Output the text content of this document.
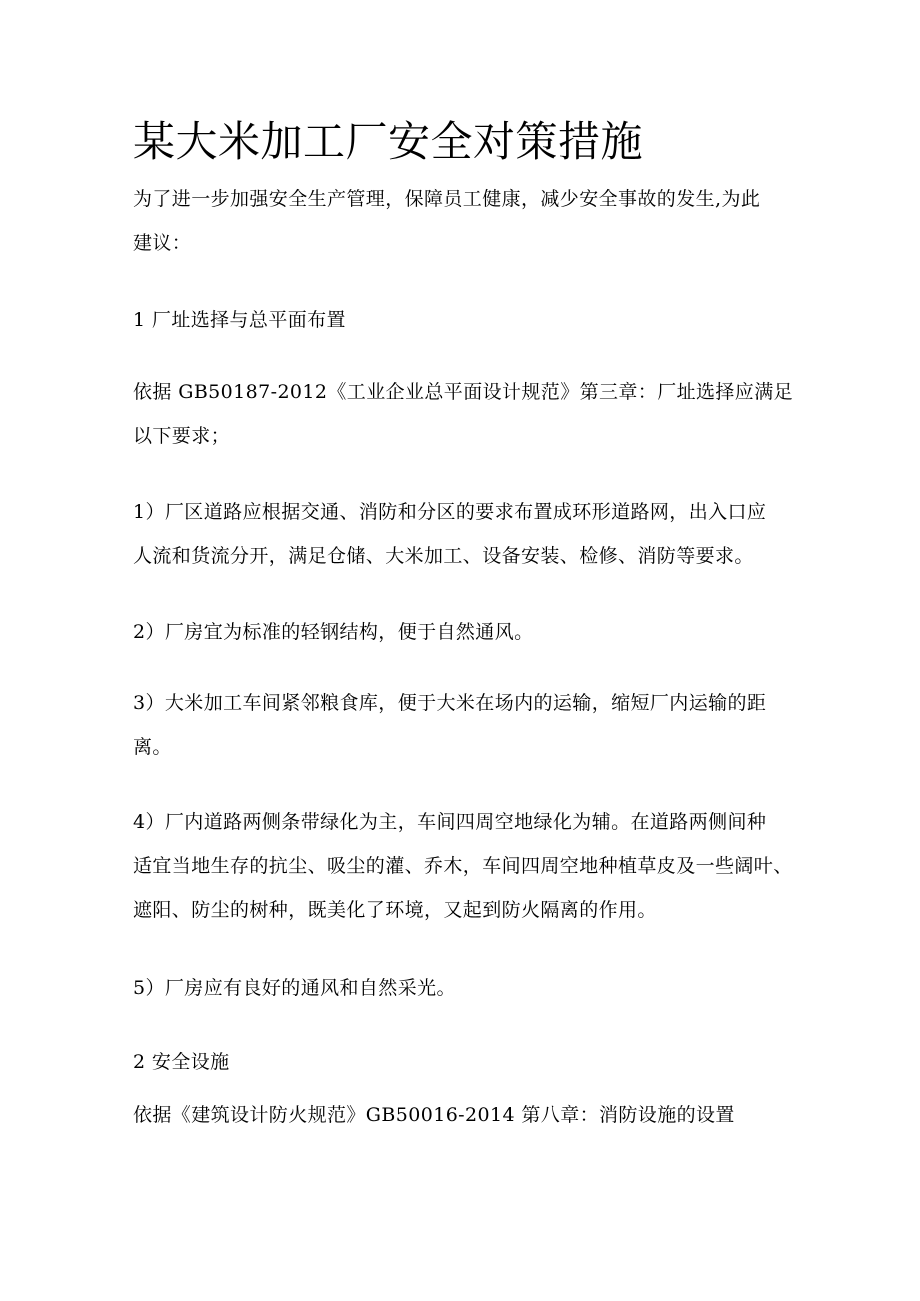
某大米加工厂安全对策措施

为了进一步加强安全生产管理，保障员工健康，减少安全事故的发生,为此
建议：

1 厂址选择与总平面布置

依据 GB50187-2012《工业企业总平面设计规范》第三章：厂址选择应满足
以下要求；

1）厂区道路应根据交通、消防和分区的要求布置成环形道路网，出入口应
人流和货流分开，满足仓储、大米加工、设备安装、检修、消防等要求。

2）厂房宜为标准的轻钢结构，便于自然通风。

3）大米加工车间紧邻粮食库，便于大米在场内的运输，缩短厂内运输的距
离。

4）厂内道路两侧条带绿化为主，车间四周空地绿化为辅。在道路两侧间种
适宜当地生存的抗尘、吸尘的灌、乔木，车间四周空地种植草皮及一些阔叶、
遮阳、防尘的树种，既美化了环境，又起到防火隔离的作用。

5）厂房应有良好的通风和自然采光。

2 安全设施

依据《建筑设计防火规范》GB50016-2014 第八章：消防设施的设置
